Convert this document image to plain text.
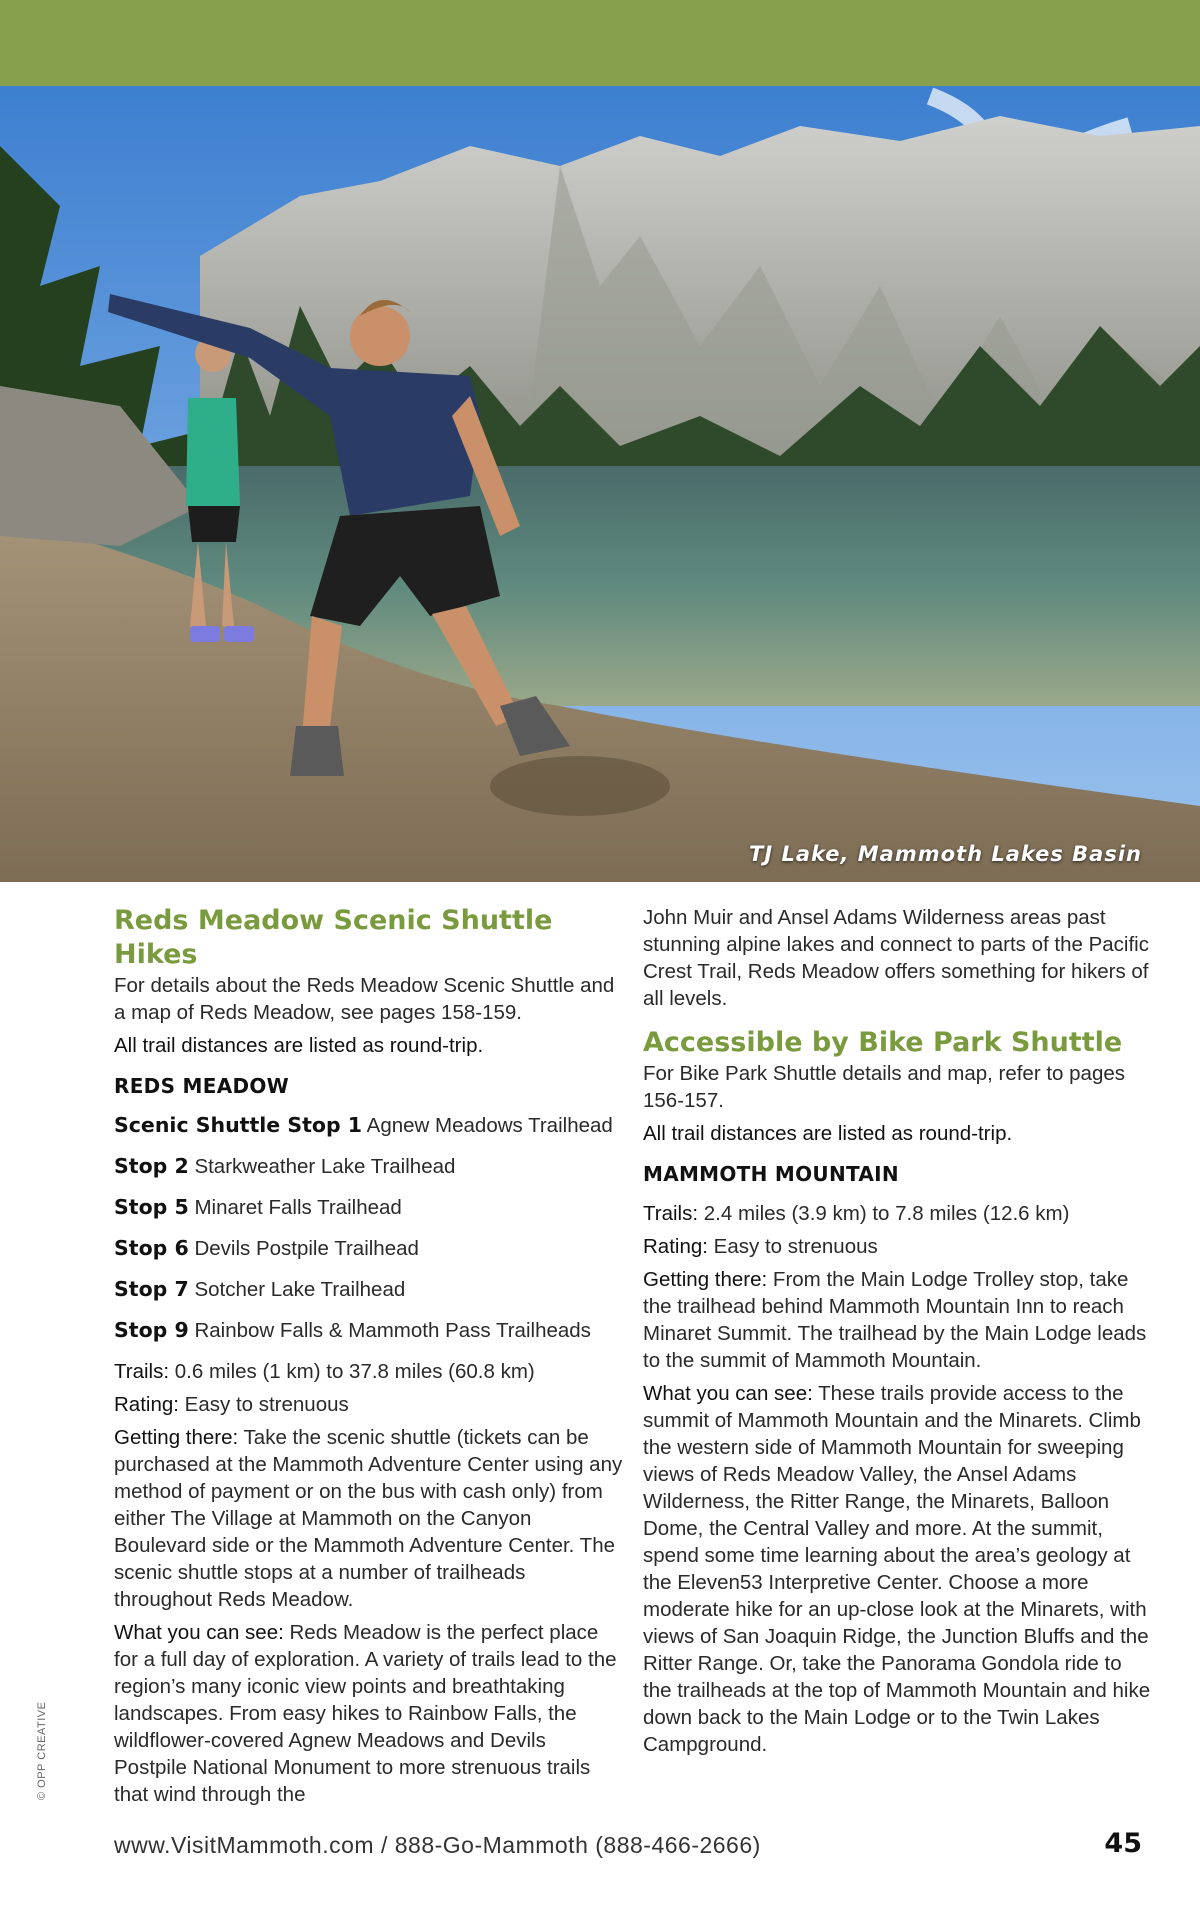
TJ Lake, Mammoth Lakes Basin
Reds Meadow Scenic Shuttle Hikes

For details about the Reds Meadow Scenic Shuttle and a map of Reds Meadow, see pages 158-159.

All trail distances are listed as round-trip.

REDS MEADOW

Scenic Shuttle Stop 1 Agnew Meadows Trailhead

Stop 2 Starkweather Lake Trailhead

Stop 5 Minaret Falls Trailhead

Stop 6 Devils Postpile Trailhead

Stop 7 Sotcher Lake Trailhead

Stop 9 Rainbow Falls & Mammoth Pass Trailheads

Trails: 0.6 miles (1 km) to 37.8 miles (60.8 km)

Rating: Easy to strenuous

Getting there: Take the scenic shuttle (tickets can be purchased at the Mammoth Adventure Center using any method of payment or on the bus with cash only) from either The Village at Mammoth on the Canyon Boulevard side or the Mammoth Adventure Center. The scenic shuttle stops at a number of trailheads throughout Reds Meadow.

What you can see: Reds Meadow is the perfect place for a full day of exploration. A variety of trails lead to the region’s many iconic view points and breathtaking landscapes. From easy hikes to Rainbow Falls, the wildflower-covered Agnew Meadows and Devils Postpile National Monument to more strenuous trails that wind through the

John Muir and Ansel Adams Wilderness areas past stunning alpine lakes and connect to parts of the Pacific Crest Trail, Reds Meadow offers something for hikers of all levels.

Accessible by Bike Park Shuttle

For Bike Park Shuttle details and map, refer to pages 156-157.

All trail distances are listed as round-trip.

MAMMOTH MOUNTAIN

Trails: 2.4 miles (3.9 km) to 7.8 miles (12.6 km)

Rating: Easy to strenuous

Getting there: From the Main Lodge Trolley stop, take the trailhead behind Mammoth Mountain Inn to reach Minaret Summit. The trailhead by the Main Lodge leads to the summit of Mammoth Mountain.

What you can see: These trails provide access to the summit of Mammoth Mountain and the Minarets. Climb the western side of Mammoth Mountain for sweeping views of Reds Meadow Valley, the Ansel Adams Wilderness, the Ritter Range, the Minarets, Balloon Dome, the Central Valley and more. At the summit, spend some time learning about the area’s geology at the Eleven53 Interpretive Center. Choose a more moderate hike for an up-close look at the Minarets, with views of San Joaquin Ridge, the Junction Bluffs and the Ritter Range. Or, take the Panorama Gondola ride to the trailheads at the top of Mammoth Mountain and hike down back to the Main Lodge or to the Twin Lakes Campground.

© OPP CREATIVE
www.VisitMammoth.com / 888-Go-Mammoth (888-466-2666)	45
